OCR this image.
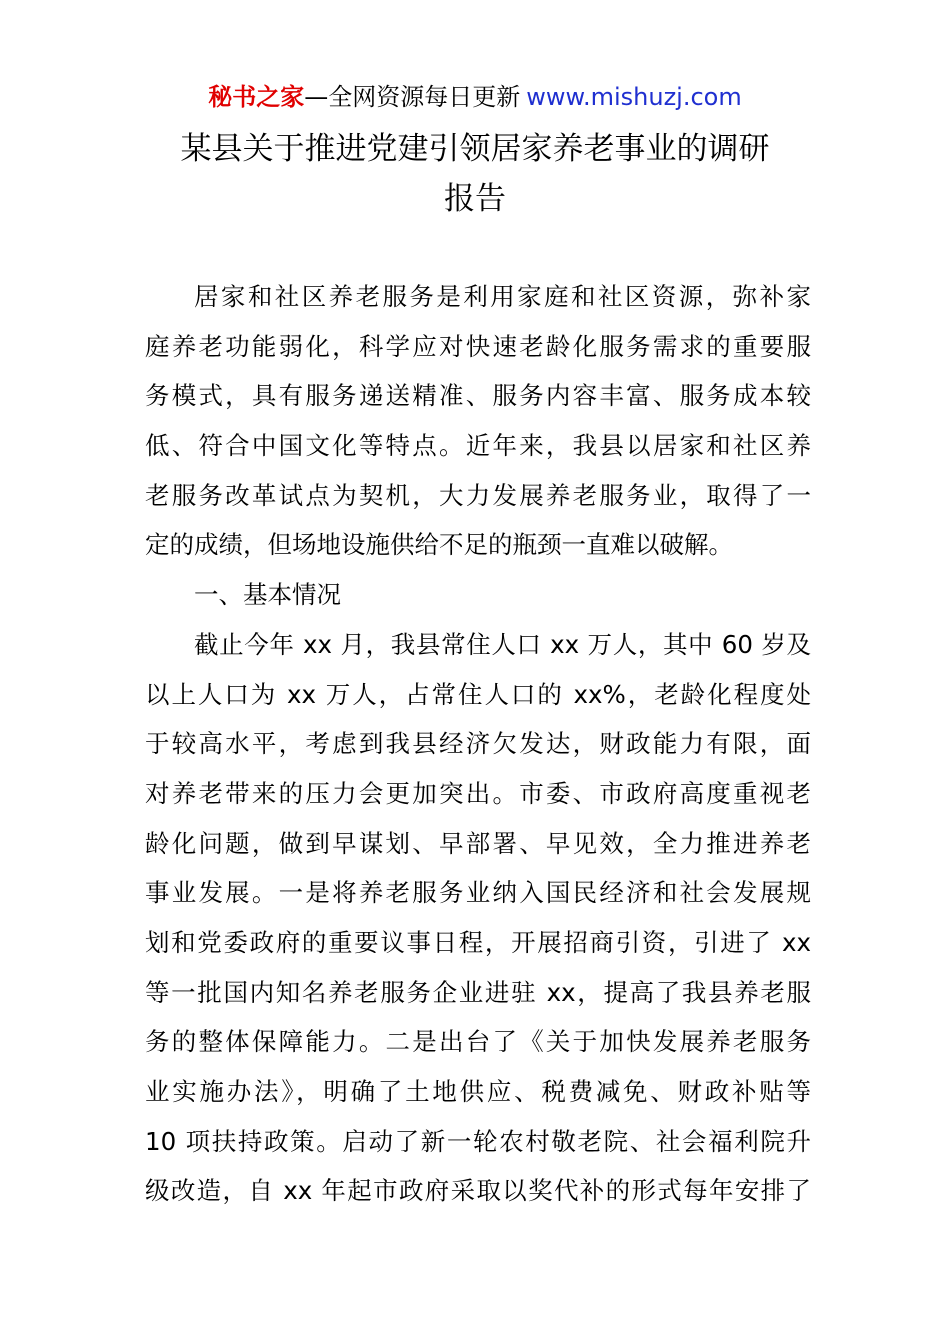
秘书之家—全网资源每日更新 www.mishuzj.com
某县关于推进党建引领居家养老事业的调研
报告
居家和社区养老服务是利用家庭和社区资源，弥补家
庭养老功能弱化，科学应对快速老龄化服务需求的重要服
务模式，具有服务递送精准、服务内容丰富、服务成本较
低、符合中国文化等特点。近年来，我县以居家和社区养
老服务改革试点为契机，大力发展养老服务业，取得了一
定的成绩，但场地设施供给不足的瓶颈一直难以破解。
一、基本情况
截止今年 xx 月，我县常住人口 xx 万人，其中 60 岁及
以上人口为 xx 万人，占常住人口的 xx%，老龄化程度处
于较高水平，考虑到我县经济欠发达，财政能力有限，面
对养老带来的压力会更加突出。市委、市政府高度重视老
龄化问题，做到早谋划、早部署、早见效，全力推进养老
事业发展。一是将养老服务业纳入国民经济和社会发展规
划和党委政府的重要议事日程，开展招商引资，引进了 xx
等一批国内知名养老服务企业进驻 xx，提高了我县养老服
务的整体保障能力。二是出台了《关于加快发展养老服务
业实施办法》，明确了土地供应、税费减免、财政补贴等
10 项扶持政策。启动了新一轮农村敬老院、社会福利院升
级改造，自 xx 年起市政府采取以奖代补的形式每年安排了
